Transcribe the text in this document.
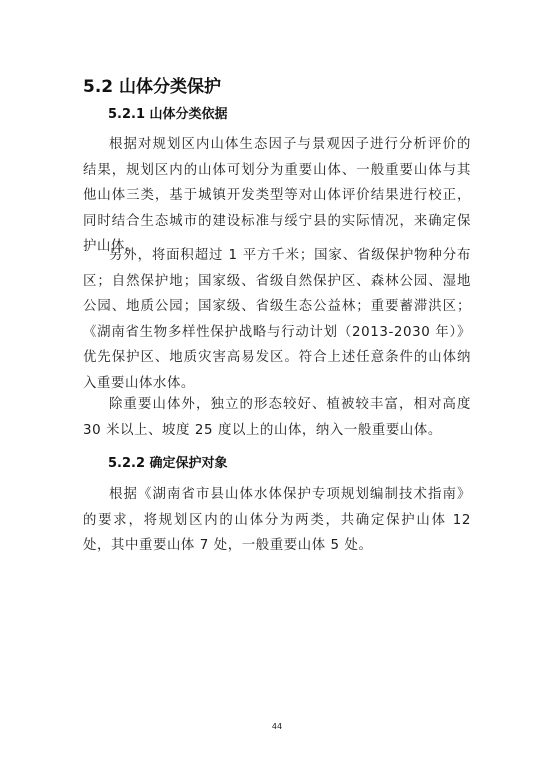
5.2 山体分类保护
5.2.1 山体分类依据
根据对规划区内山体生态因子与景观因子进行分析评价的结果，规划区内的山体可划分为重要山体、一般重要山体与其他山体三类，基于城镇开发类型等对山体评价结果进行校正，同时结合生态城市的建设标准与绥宁县的实际情况，来确定保护山体。
另外，将面积超过 1 平方千米；国家、省级保护物种分布区；自然保护地；国家级、省级自然保护区、森林公园、湿地公园、地质公园；国家级、省级生态公益林；重要蓄滞洪区；《湖南省生物多样性保护战略与行动计划（2013-2030 年）》优先保护区、地质灾害高易发区。符合上述任意条件的山体纳入重要山体水体。
除重要山体外，独立的形态较好、植被较丰富，相对高度 30 米以上、坡度 25 度以上的山体，纳入一般重要山体。
5.2.2 确定保护对象
根据《湖南省市县山体水体保护专项规划编制技术指南》的要求，将规划区内的山体分为两类，共确定保护山体 12 处，其中重要山体 7 处，一般重要山体 5 处。
44
